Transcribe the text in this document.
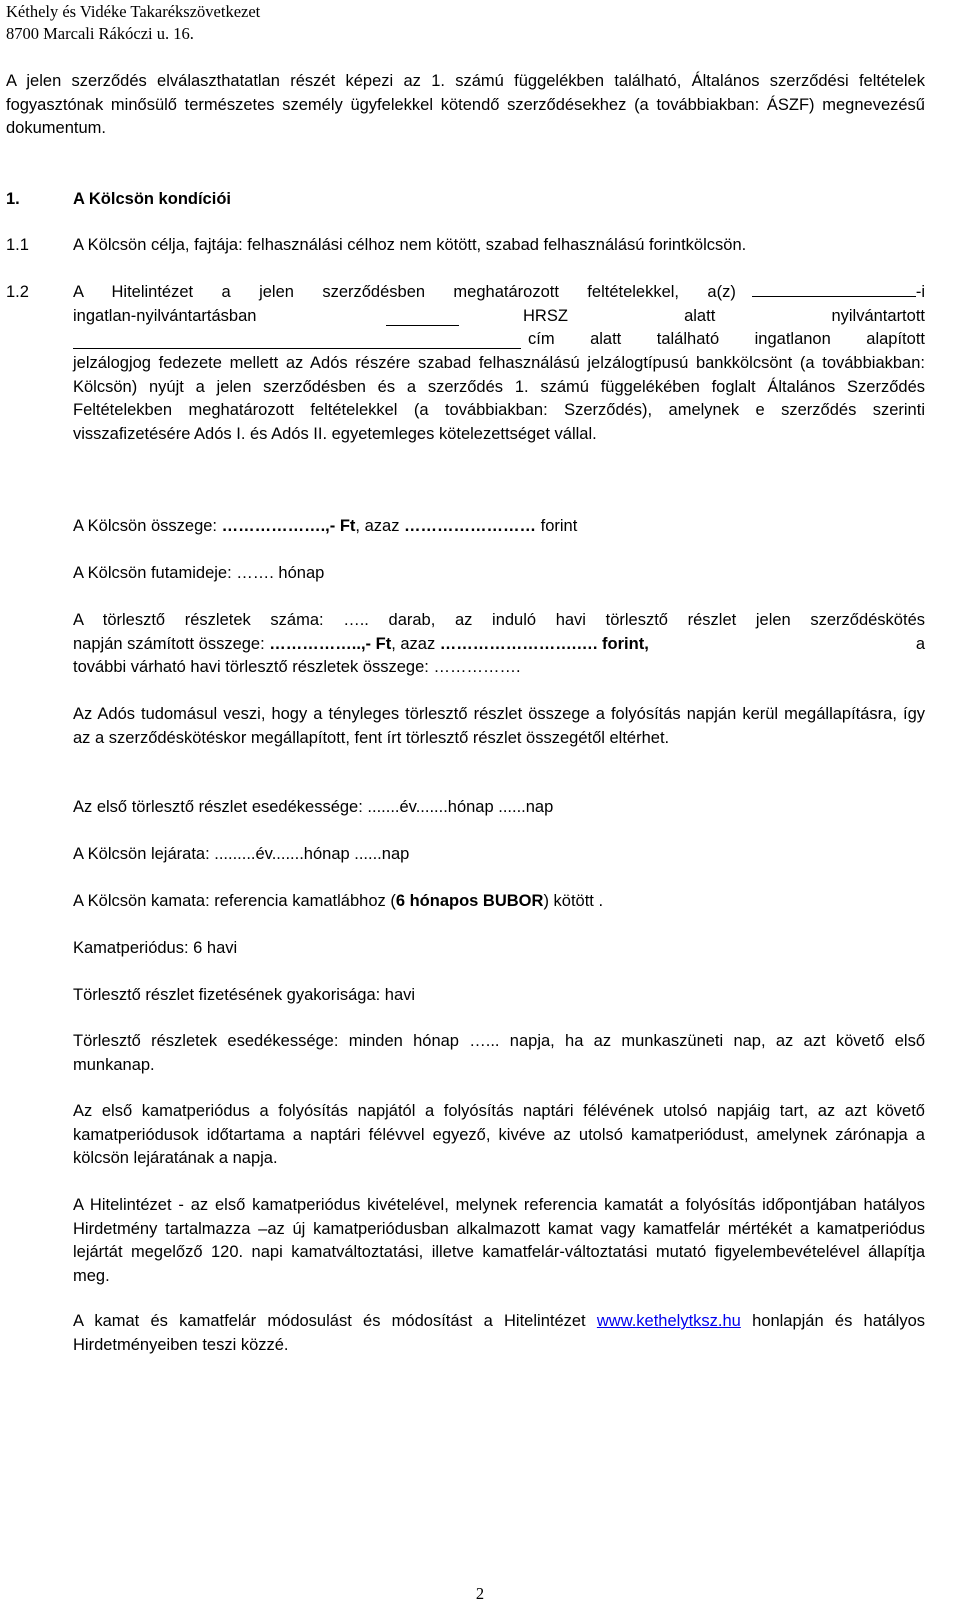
Kéthely és Vidéke Takarékszövetkezet
8700 Marcali Rákóczi u. 16.
A jelen szerződés elválaszthatatlan részét képezi az 1. számú függelékben található, Általános szerződési feltételek fogyasztónak minősülő természetes személy ügyfelekkel kötendő szerződésekhez (a továbbiakban: ÁSZF) megnevezésű dokumentum.
1.	A Kölcsön kondíciói
1.1	A Kölcsön célja, fajtája: felhasználási célhoz nem kötött, szabad felhasználású forintkölcsön.
1.2	A Hitelintézet a jelen szerződésben meghatározott feltételekkel, a(z)	-i
ingatlan-nyilvántartásban	HRSZ alatt nyilvántartott
cím alatt található ingatlanon alapított
jelzálogjog fedezete mellett az Adós részére szabad felhasználású jelzálogtípusú bankkölcsönt (a továbbiakban: Kölcsön) nyújt a jelen szerződésben és a szerződés 1. számú függelékében foglalt Általános Szerződés Feltételekben meghatározott feltételekkel (a továbbiakban: Szerződés), amelynek e szerződés szerinti visszafizetésére Adós I. és Adós II. egyetemleges kötelezettséget vállal.
A Kölcsön összege: ……………….,- Ft, azaz …………………… forint
A Kölcsön futamideje: ……. hónap
A törlesztő részletek száma: ….. darab, az induló havi törlesztő részlet jelen szerződéskötés
napján számított összege: ……………..,- Ft, azaz …………………….…. forint,	a
további várható havi törlesztő részletek összege: …………….
Az Adós tudomásul veszi, hogy a tényleges törlesztő részlet összege a folyósítás napján kerül megállapításra, így az a szerződéskötéskor megállapított, fent írt törlesztő részlet összegétől eltérhet.
Az első törlesztő részlet esedékessége: .......év.......hónap ......nap
A Kölcsön lejárata: .........év.......hónap ......nap
A Kölcsön kamata: referencia kamatlábhoz (6 hónapos BUBOR) kötött .
Kamatperiódus: 6 havi
Törlesztő részlet fizetésének gyakorisága: havi
Törlesztő részletek esedékessége: minden hónap …... napja, ha az munkaszüneti nap, az azt követő első munkanap.
Az első kamatperiódus a folyósítás napjától a folyósítás naptári félévének utolsó napjáig tart, az azt követő kamatperiódusok időtartama a naptári félévvel egyező, kivéve az utolsó kamatperiódust, amelynek zárónapja a kölcsön lejáratának a napja.
A Hitelintézet - az első kamatperiódus kivételével, melynek referencia kamatát a folyósítás időpontjában hatályos Hirdetmény tartalmazza –az új kamatperiódusban alkalmazott kamat vagy kamatfelár mértékét a kamatperiódus lejártát megelőző 120. napi kamatváltoztatási, illetve kamatfelár-változtatási mutató figyelembevételével állapítja meg.
A kamat és kamatfelár módosulást és módosítást a Hitelintézet www.kethelytksz.hu honlapján és hatályos Hirdetményeiben teszi közzé.
2
